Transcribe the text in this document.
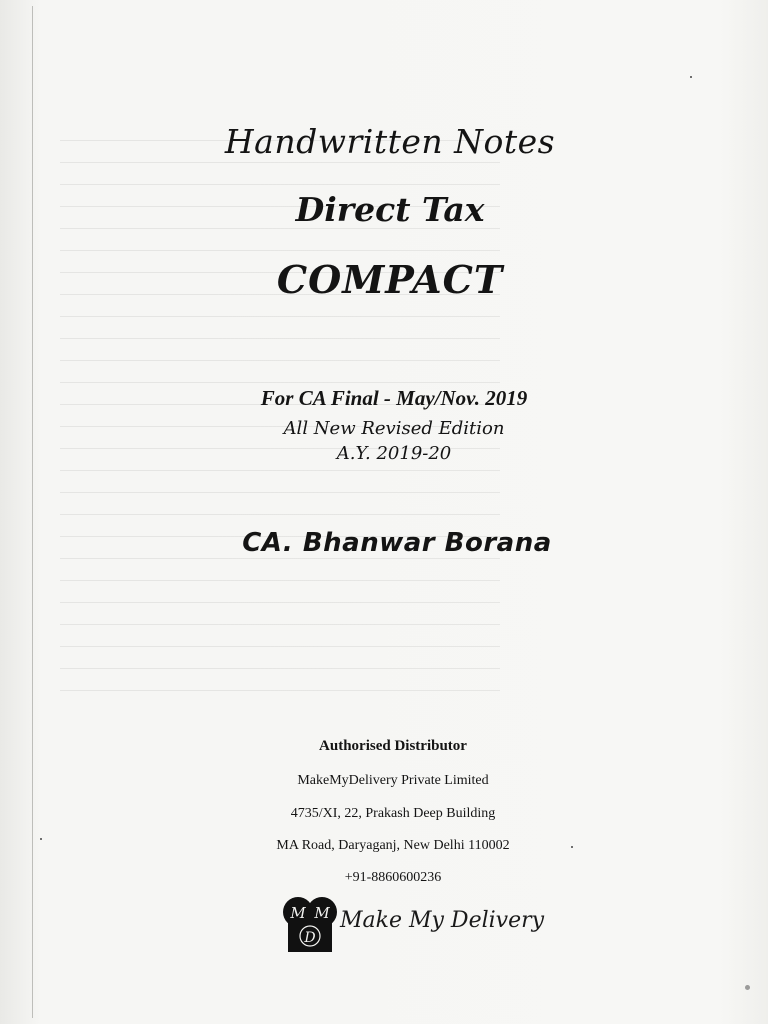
Handwritten Notes
Direct Tax
COMPACT
For CA Final - May/Nov. 2019
All New Revised Edition
A.Y. 2019-20
CA. Bhanwar Borana
Authorised Distributor
MakeMyDelivery Private Limited
4735/XI, 22, Prakash Deep Building
MA Road, Daryaganj, New Delhi 110002
+91-8860600236
M M
D
Make My Delivery
